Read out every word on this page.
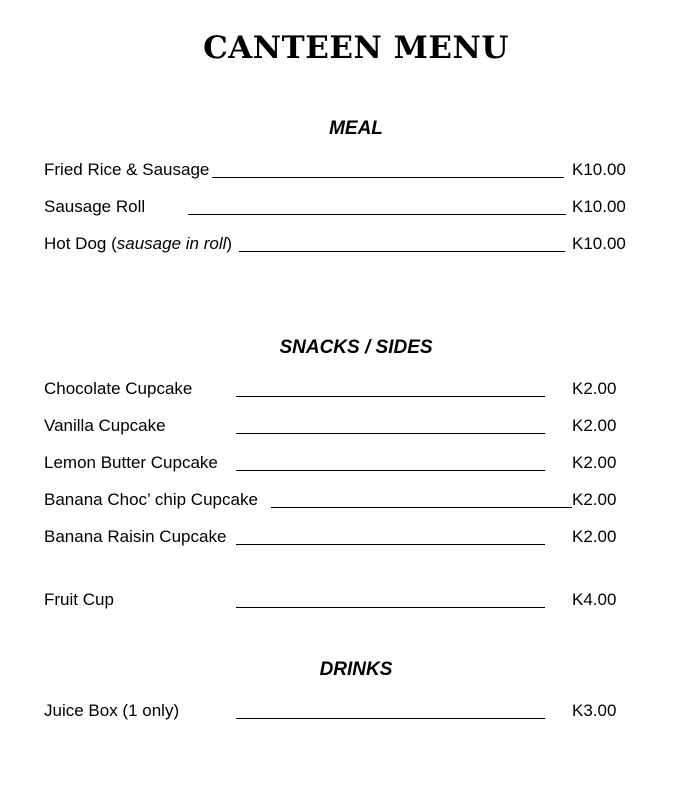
CANTEEN MENU
MEAL
Fried Rice & Sausage	K10.00
Sausage Roll	K10.00
Hot Dog (sausage in roll)	K10.00
SNACKS / SIDES
Chocolate Cupcake	K2.00
Vanilla Cupcake	K2.00
Lemon Butter Cupcake	K2.00
Banana Choc’ chip Cupcake	K2.00
Banana Raisin Cupcake	K2.00
Fruit Cup	K4.00
DRINKS
Juice Box (1 only)	K3.00
